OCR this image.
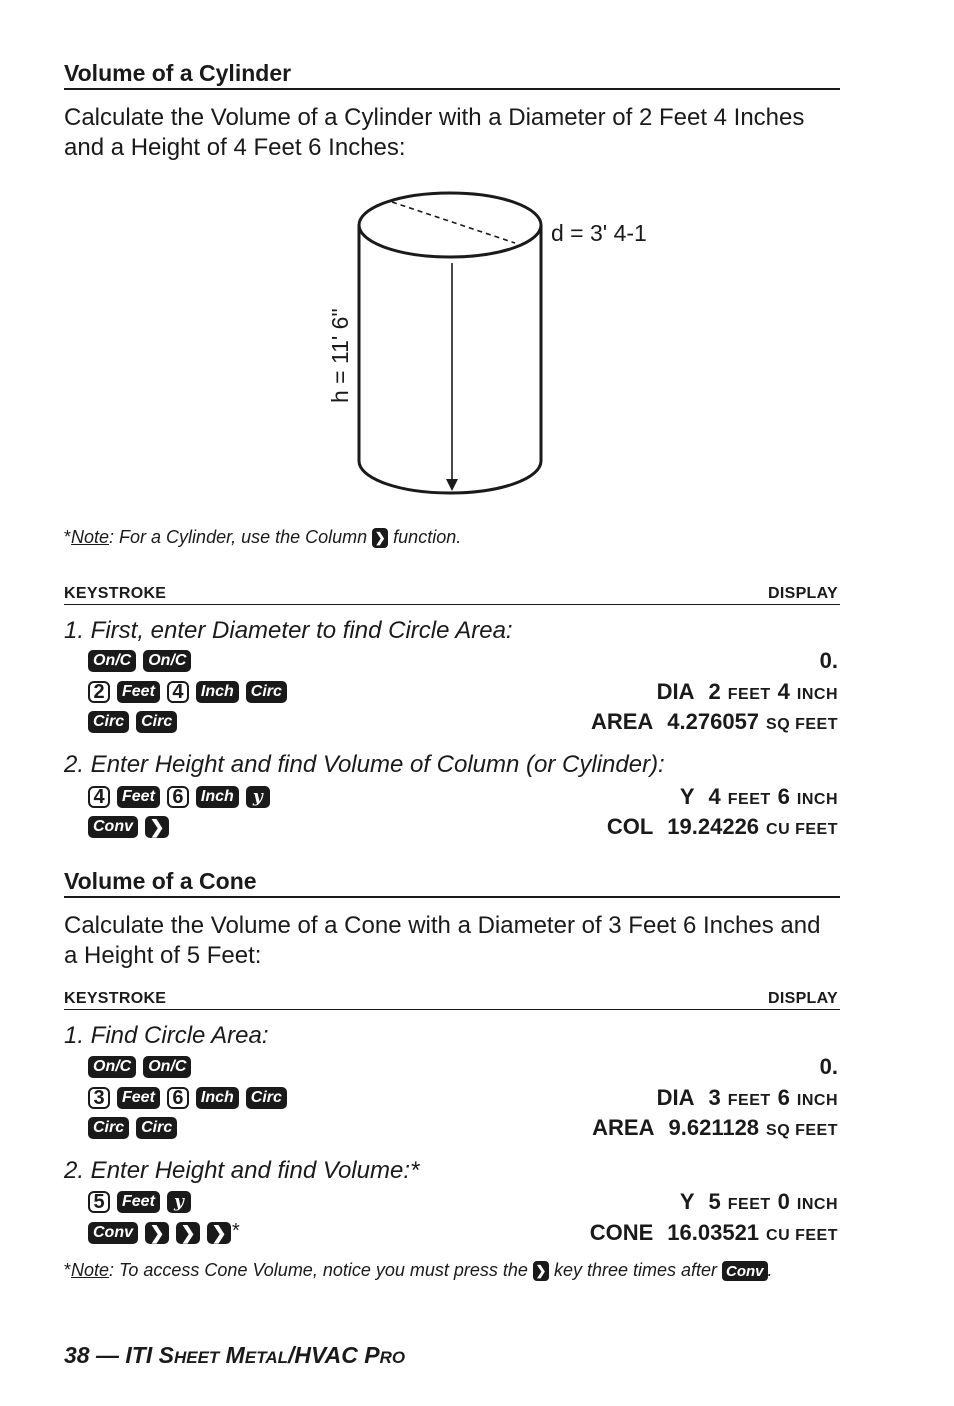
Volume of a Cylinder
Calculate the Volume of a Cylinder with a Diameter of 2 Feet 4 Inches and a Height of 4 Feet 6 Inches:
d = 3' 4-1
h = 11' 6"
*Note: For a Cylinder, use the Column ❯ function.
KEYSTROKE	DISPLAY
1. First, enter Diameter to find Circle Area:
2. Enter Height and find Volume of Column (or Cylinder):
On/C	On/C	0.
2	Feet 4	Inch	Circ	DIA 2 FEET 4 INCH
Circ	Circ	AREA 4.276057 SQ FEET
4	Feet 6	Inch	y	Y 4 FEET 6 INCH
Conv ❯	COL 19.24226 CU FEET
Volume of a Cone
Calculate the Volume of a Cone with a Diameter of 3 Feet 6 Inches and a Height of 5 Feet:
KEYSTROKE	DISPLAY
1. Find Circle Area:
2. Enter Height and find Volume:*
On/C	On/C	0.
3	Feet 6	Inch	Circ	DIA 3 FEET 6 INCH
Circ	Circ	AREA 9.621128 SQ FEET
5	Feet	y	Y 5 FEET 0 INCH
Conv ❯ ❯ ❯ *	CONE 16.03521 CU FEET
*Note: To access Cone Volume, notice you must press the ❯ key three times after Conv .
38 — ITI SHEET METAL/HVAC PRO
